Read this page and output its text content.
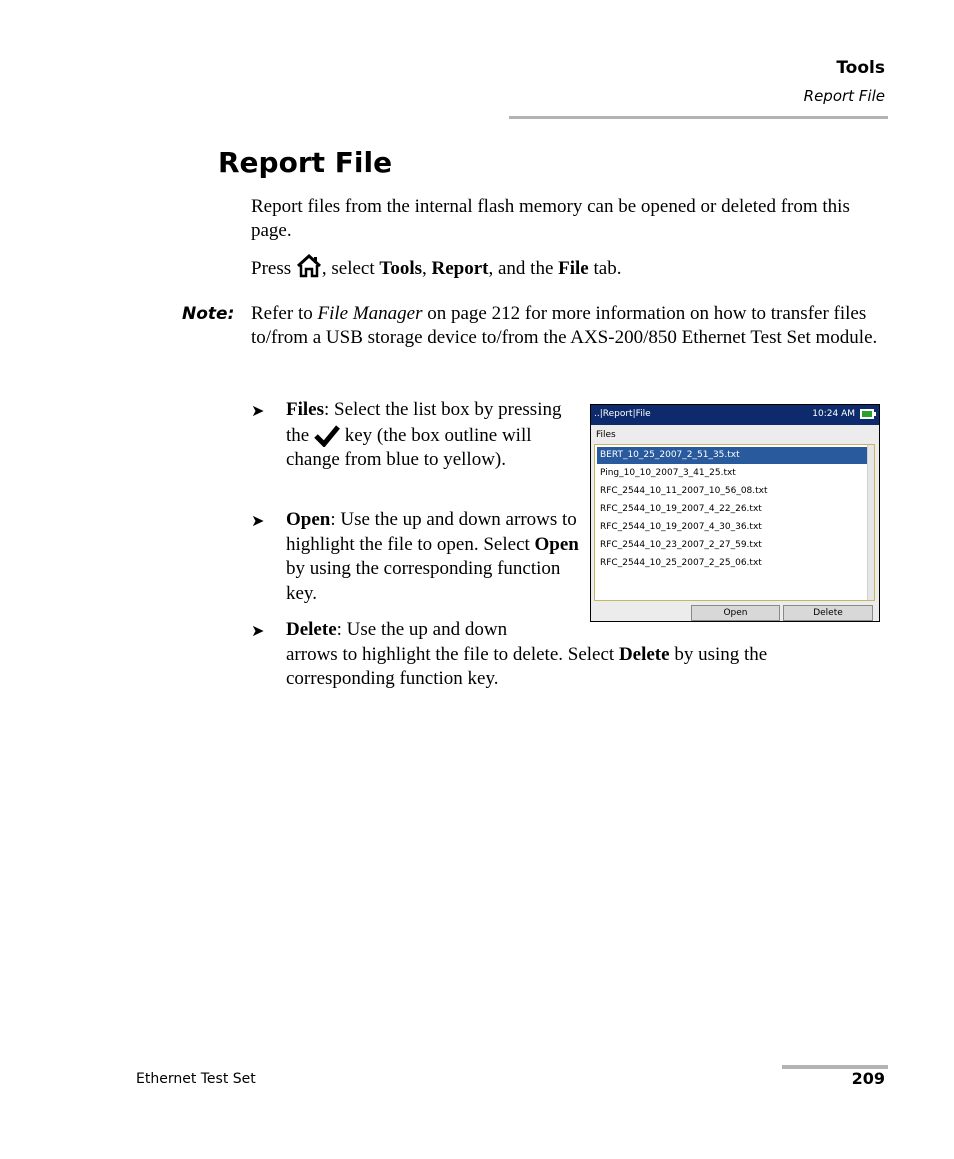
Tools
Report File
Report File

Report files from the internal flash memory can be opened or deleted from this page.

Press , select Tools, Report, and the File tab.

Note: Refer to File Manager on page 212 for more information on how to transfer files to/from a USB storage device to/from the AXS-200/850 Ethernet Test Set module.

➤ Files: Select the list box by pressing the  key (the box outline will change from blue to yellow).

➤ Open: Use the up and down arrows to highlight the file to open. Select Open by using the corresponding function key.

➤ Delete: Use the up and down
arrows to highlight the file to delete. Select Delete by using the corresponding function key.

..|Report|File	10:24 AM
Files
BERT_10_25_2007_2_51_35.txt
Ping_10_10_2007_3_41_25.txt
RFC_2544_10_11_2007_10_56_08.txt
RFC_2544_10_19_2007_4_22_26.txt
RFC_2544_10_19_2007_4_30_36.txt
RFC_2544_10_23_2007_2_27_59.txt
RFC_2544_10_25_2007_2_25_06.txt
Open	Delete
Ethernet Test Set	209
